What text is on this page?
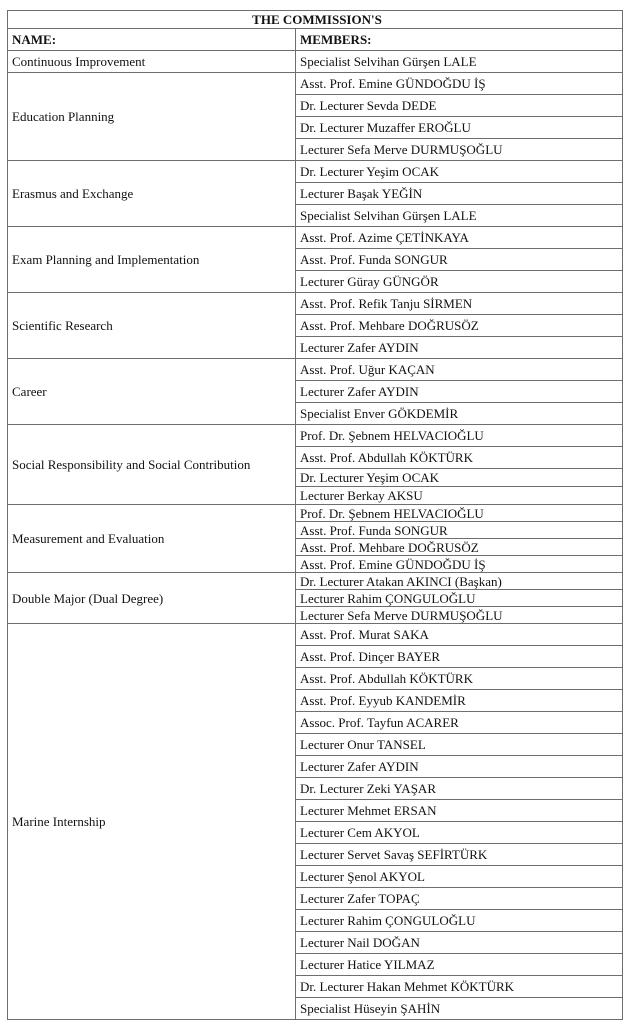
THE COMMISSION'S	
NAME:	MEMBERS:
Continuous Improvement	Specialist Selvihan Gürşen LALE
Education Planning	Asst. Prof. Emine GÜNDOĞDU İŞ
	Dr. Lecturer Sevda DEDE
	Dr. Lecturer Muzaffer EROĞLU
	Lecturer Sefa Merve DURMUŞOĞLU
Erasmus and Exchange	Dr. Lecturer Yeşim OCAK
	Lecturer Başak YEĞİN
	Specialist Selvihan Gürşen LALE
Exam Planning and Implementation	Asst. Prof. Azime ÇETİNKAYA
	Asst. Prof. Funda SONGUR
	Lecturer Güray GÜNGÖR
Scientific Research	Asst. Prof. Refik Tanju SİRMEN
	Asst. Prof. Mehbare DOĞRUSÖZ
	Lecturer Zafer AYDIN
Career	Asst. Prof. Uğur KAÇAN
	Lecturer Zafer AYDIN
	Specialist Enver GÖKDEMİR
Social Responsibility and Social Contribution	Prof. Dr. Şebnem HELVACIOĞLU
	Asst. Prof. Abdullah KÖKTÜRK
	Dr. Lecturer Yeşim OCAK
	Lecturer Berkay AKSU
Measurement and Evaluation	Prof. Dr. Şebnem HELVACIOĞLU
	Asst. Prof. Funda SONGUR
	Asst. Prof. Mehbare DOĞRUSÖZ
	Asst. Prof. Emine GÜNDOĞDU İŞ
Double Major (Dual Degree)	Dr. Lecturer Atakan AKINCI (Başkan)
	Lecturer Rahim ÇONGULOĞLU
	Lecturer Sefa Merve DURMUŞOĞLU
Marine Internship	Asst. Prof. Murat SAKA
	Asst. Prof. Dinçer BAYER
	Asst. Prof. Abdullah KÖKTÜRK
	Asst. Prof. Eyyub KANDEMİR
	Assoc. Prof. Tayfun ACARER
	Lecturer Onur TANSEL
	Lecturer Zafer AYDIN
	Dr. Lecturer Zeki YAŞAR
	Lecturer Mehmet ERSAN
	Lecturer Cem AKYOL
	Lecturer Servet Savaş SEFİRTÜRK
	Lecturer Şenol AKYOL
	Lecturer Zafer TOPAÇ
	Lecturer Rahim ÇONGULOĞLU
	Lecturer Nail DOĞAN
	Lecturer Hatice YILMAZ
	Dr. Lecturer Hakan Mehmet KÖKTÜRK
	Specialist Hüseyin ŞAHİN
